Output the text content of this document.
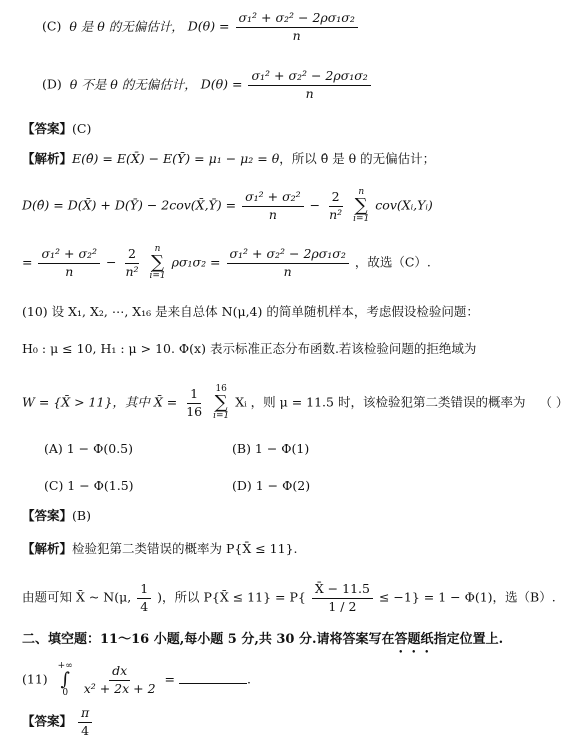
(C) θ 是 θ 的无偏估计， $D(\theta) = \frac{\text{σ₁² + σ₂² − 2ρσ₁σ₂}}{n}$
(D) θ 不是 θ 的无偏估计， $D(\theta) = \frac{\text{σ₁² + σ₂² − 2ρσ₁σ₂}}{n}$
【答案】(C)
【解析】E(θ̂) = E(X̄) − E(Ȳ) = μ₁ − μ₂ = θ，所以 θ̂ 是 θ 的无偏估计；
D(θ̂) = D(X̄) + D(Ȳ) − 2cov(X̄,Ȳ) = $\frac{\text{σ₁² + σ₂²}}{n} - \frac{2}{\text{n²}}$
n
∑
i=1
cov(Xᵢ,Yᵢ)
= $\frac{\text{σ₁² + σ₂²}}{n} - \frac{2}{\text{n²}}$
n
∑
i=1
$\rho\sigma_1\sigma_2 = \frac{\text{σ₁² + σ₂² − 2ρσ₁σ₂}}{n}$ ，故选（C）.
(10) 设 X₁, X₂, ⋯, X₁₆ 是来自总体 N(μ,4) 的简单随机样本，考虑假设检验问题：
H₀ : μ ≤ 10, H₁ : μ > 10. Φ(x) 表示标准正态分布函数.若该检验问题的拒绝域为
W = {X̄ > 11}，其中 X̄ = $\frac{1}{16}$
16
∑
i=1
Xᵢ ，则 μ = 11.5 时，该检验犯第二类错误的概率为 （ ）
(A) 1 − Φ(0.5)	(B) 1 − Φ(1)
(C) 1 − Φ(1.5)	(D) 1 − Φ(2)
【答案】(B)
【解析】检验犯第二类错误的概率为 P{X̄ ≤ 11}.
由题可知 X̄ ~ N(μ, $\frac{1}{4}$ )，所以 P{X̄ ≤ $11\} = P\{ \frac{X̄ - 11.5}{1 / 2} \le -1\} = 1 - \Phi(1)$，选（B）.
二、填空题：11～16 小题,每小题 5 分,共 30 分.请将答案写在答题纸指定位置上.
(11)
+∞
∫
0
$\frac{dx}{\text{x² + 2x + 2}}$ =	.
【答案】 $\frac{\pi}{4}$
